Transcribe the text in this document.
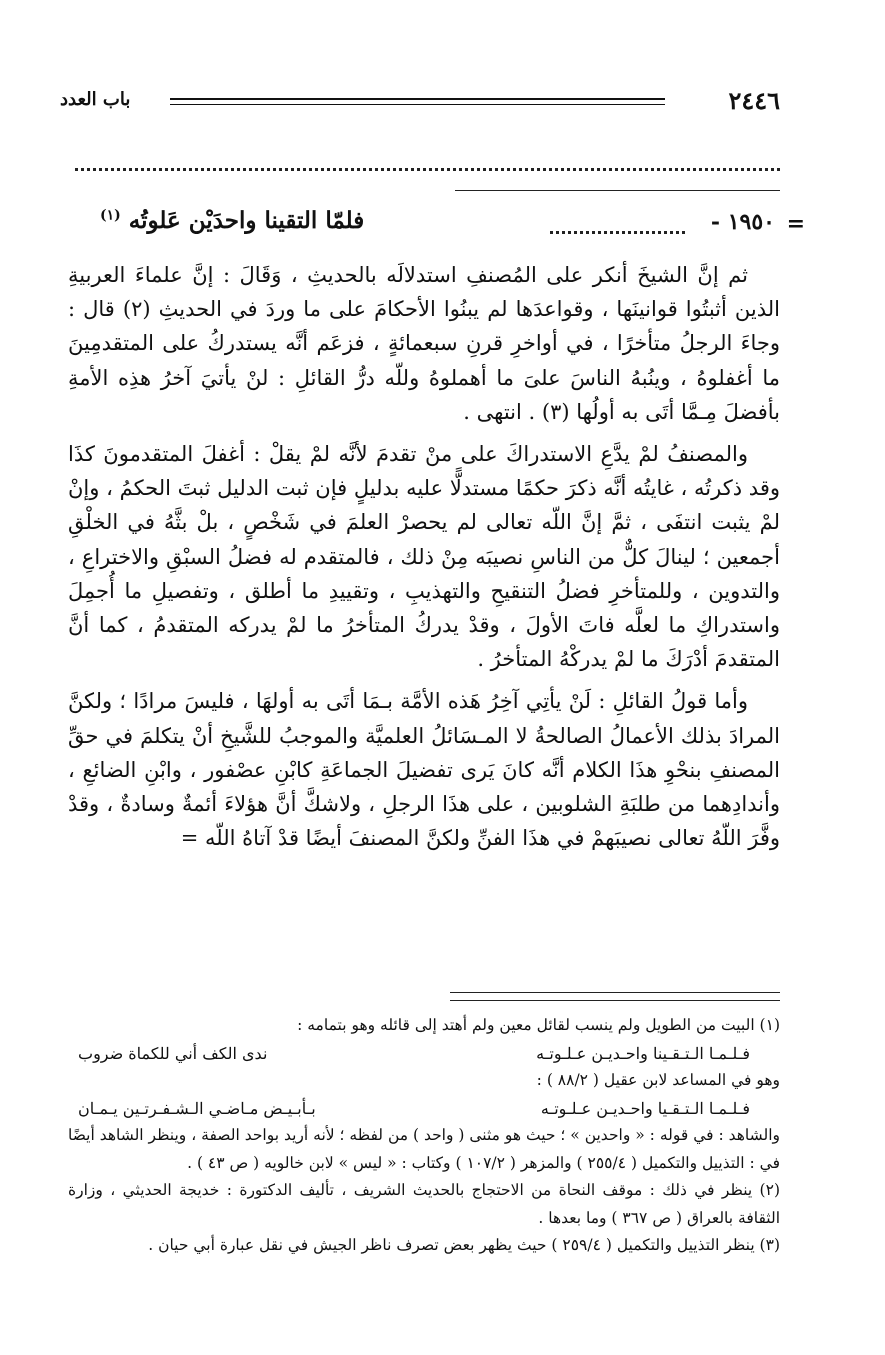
٢٤٤٦
باب العدد
=
١٩٥٠ -
فلمّا التقينا واحدَيْن عَلوتُه $^{(١)}$

ثم إنَّ الشيخَ أنكر على المُصنفِ استدلالَه بالحديثِ ، وَقَالَ : إنَّ علماءَ العربيةِ الذين أثبتُوا قوانينَها ، وقواعدَها لم يبنُوا الأحكامَ على ما وردَ في الحديثِ (٢) قال : وجاءَ الرجلُ متأخرًا ، في أواخرِ قرنِ سبعمائةٍ ، فزعَم أنَّه يستدركُ على المتقدمِينَ ما أغفلوهُ ، وينُبهُ الناسَ علىَ ما أهملوهُ وللّه درُّ القائلِ : لنْ يأتيَ آخرُ هذِه الأمةِ بأفضلَ مِـمَّا أتَى به أولُها (٣) . انتهى .

والمصنفُ لمْ يدَّعِ الاستدراكَ على منْ تقدمَ لأنَّه لمْ يقلْ : أغفلَ المتقدمونَ كذَا وقد ذكرتُه ، غايتُه أنَّه ذكرَ حكمًا مستدلًّا عليه بدليلٍ فإن ثبت الدليل ثبتَ الحكمُ ، وإنْ لمْ يثبت انتفَى ، ثمَّ إنَّ اللّه تعالى لم يحصرْ العلمَ في شَخْصٍ ، بلْ بثَّهُ في الخلْقِ أجمعين ؛ لينالَ كلٌّ من الناسِ نصيبَه مِنْ ذلك ، فالمتقدم له فضلُ السبْقِ والاختراعِ ، والتدوين ، وللمتأخرِ فضلُ التنقيحِ والتهذيبِ ، وتقييدِ ما أطلق ، وتفصيلِ ما أُجمِلَ واستدراكِ ما لعلَّه فاتَ الأولَ ، وقدْ يدركُ المتأخرُ ما لمْ يدركه المتقدمُ ، كما أنَّ المتقدمَ أدْرَكَ ما لمْ يدركْهُ المتأخرُ .

وأما قولُ القائلِ : لَنْ يأتِي آخِرُ هَذه الأمَّة بـمَا أتَى به أولهَا ، فليسَ مرادًا ؛ ولكنَّ المرادَ بذلك الأعمالُ الصالحةُ لا المـسَائلُ العلميَّة والموجبُ للشَّيخِ أنْ يتكلمَ في حقِّ المصنفِ بنحْوِ هذَا الكلام أنَّه كانَ يَرى تفضيلَ الجماعَةِ كابْنِ عصْفور ، وابْنِ الضائعِ ، وأندادِهما من طلبَةِ الشلوبين ، على هذَا الرجلِ ، ولاشكَّ أنَّ هؤلاءَ أئمةٌ وسادةٌ ، وقدْ وفَّرَ اللّهُ تعالى نصيبَهمْ في هذَا الفنِّ ولكنَّ المصنفَ أيضًا قدْ آتاهُ اللّه =

(١) البيت من الطويل ولم ينسب لقائل معين ولم أهتد إلى قائله وهو بتمامه :

فـلـمـا الـتـقـينا واحـديـن عـلـوتـه
ندى الكف أني للكماة ضروب

وهو في المساعد لابن عقيل ( ٨٨/٢ ) :

فـلـمـا الـتـقـيا واحـديـن عـلـوتـه
بـأبـيـض مـاضـي الـشـفـرتـين يـمـان

والشاهد : في قوله : « واحدين » ؛ حيث هو مثنى ( واحد ) من لفظه ؛ لأنه أريد بواحد الصفة ، وينظر الشاهد أيضًا في : التذييل والتكميل ( ٢٥٥/٤ ) والمزهر ( ١٠٧/٢ ) وكتاب : « ليس » لابن خالويه ( ص ٤٣ ) .

(٢) ينظر في ذلك : موقف النحاة من الاحتجاج بالحديث الشريف ، تأليف الدكتورة : خديجة الحديثي ، وزارة الثقافة بالعراق ( ص ٣٦٧ ) وما بعدها .

(٣) ينظر التذييل والتكميل ( ٢٥٩/٤ ) حيث يظهر بعض تصرف ناظر الجيش في نقل عبارة أبي حيان .
